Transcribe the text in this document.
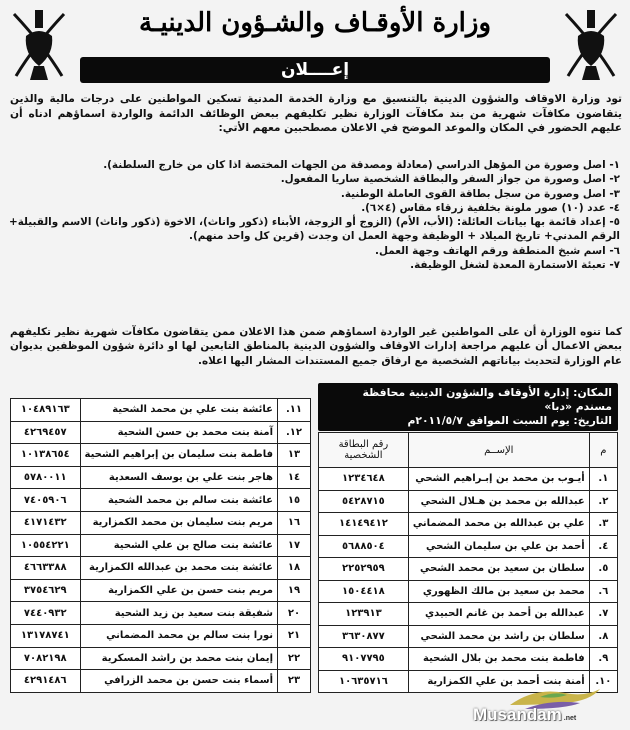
وزارة الأوقـاف والشـؤون الدينيـة
إعــــلان
تود وزارة الاوقاف والشؤون الدينية بالتنسيق مع وزارة الخدمة المدنية تسكين المواطنين على درجات مالية والذين يتقاضون مكافآت شهرية من بند مكافآت الوزارة نظير تكليفهم ببعض الوظائف الدائمة والواردة اسماؤهم ادناه أن عليهم الحضور في المكان والموعد الموضح في الاعلان مصطحبين معهم الأتي:
١- اصل وصورة من المؤهل الدراسي (معادلة ومصدقة من الجهات المختصة اذا كان من خارج السلطنة).
٢- اصل وصورة من جواز السفر والبطاقة الشخصية ساريا المفعول.
٣- اصل وصورة من سجل بطاقة القوى العاملة الوطنية.
٤- عدد (١٠) صور ملونة بخلفية زرقاء مقاس (٤×٦).
٥- إعداد قائمة بها بيانات العائلة: (الأب، الأم) (الزوج أو الزوجة، الأبناء (ذكور واناث)، الاخوة (ذكور واناث) الاسم والقبيلة+ الرقم المدني+ تاريخ الميلاد + الوظيفة وجهة العمل ان وجدت (قرين كل واحد منهم).
٦- اسم شيخ المنطقة ورقم الهاتف وجهة العمل.
٧- تعبئة الاستمارة المعدة لشغل الوظيفة.
كما تنوه الوزارة أن على المواطنين غير الواردة اسماؤهم ضمن هذا الاعلان ممن يتقاضون مكافآت شهرية نظير تكليفهم ببعض الاعمال أن عليهم مراجعة إدارات الاوقاف والشؤون الدينية بالمناطق التابعين لها او دائرة شؤون الموظفين بديوان عام الوزارة لتحديث بياناتهم الشخصية مع ارفاق جميع المستندات المشار اليها اعلاه.
المكان: إدارة الأوقاف والشؤون الدينية محافظة مسندم «دبا»
التاريخ: يوم السبت الموافق ٢٠١١/٥/٧م
م	الإســم	رقم البطاقة الشخصية
١.	أيـوب بن محمد بن إبـراهيم الشحي	١٢٣٤٦٤٨
٢.	عبدالله بن محمد بن هـلال الشحي	٥٤٢٨٧١٥
٣.	علي بن عبدالله بن محمد المضماني	١٤١٤٩٤١٢
٤.	أحمد بن علي بن سليمان الشحي	٥٦٨٨٥٠٤
٥.	سلطان بن سعيد بن محمد الشحي	٢٢٥٢٩٥٩
٦.	محمد بن سعيد بن مالك الظهوري	١٥٠٤٤١٨
٧.	عبدالله بن أحمد بن غانم الحبيدي	١٢٣٩١٣
٨.	سلطان بن راشد بن محمد الشحي	٣٦٣٠٨٧٧
٩.	فاطمة بنت محمد بن بلال الشحية	٩١٠٧٧٩٥
١٠.	أمنة بنت أحمد بن علي الكمزارية	١٠٦٣٥٧١٦
١١.	عائشة بنت علي بن محمد الشحية	١٠٤٨٩١٦٣
١٢.	آمنة بنت محمد بن حسن الشحية	٤٢٦٩٤٥٧
١٣	فاطمة بنت سليمان بن إبراهيم الشحية	١٠١٣٨٦٥٤
١٤	هاجر بنت علي بن يوسف السعدية	٥٧٨٠٠١١
١٥	عائشة بنت سالم بن محمد الشحية	٧٤٠٥٩٠٦
١٦	مريم بنت سليمان بن محمد الكمزارية	٤١٧١٤٣٢
١٧	عائشة بنت صالح بن علي الشحية	١٠٥٥٤٢٢١
١٨	عائشة بنت محمد بن عبدالله الكمزارية	٤٦٦٣٣٨٨
١٩	مريم بنت حسن بن علي الكمزارية	٣٧٥٤٦٢٩
٢٠	شفيقة بنت سعيد بن زيد الشحية	٧٤٤٠٩٣٢
٢١	نورا بنت سالم بن محمد المضماني	١٣١٧٨٧٤١
٢٢	إيمان بنت محمد بن راشد المسكرية	٧٠٨٢١٩٨
٢٣	أسماء بنت حسن بن محمد الزرافي	٤٢٩١٤٨٦
Musandam .net
